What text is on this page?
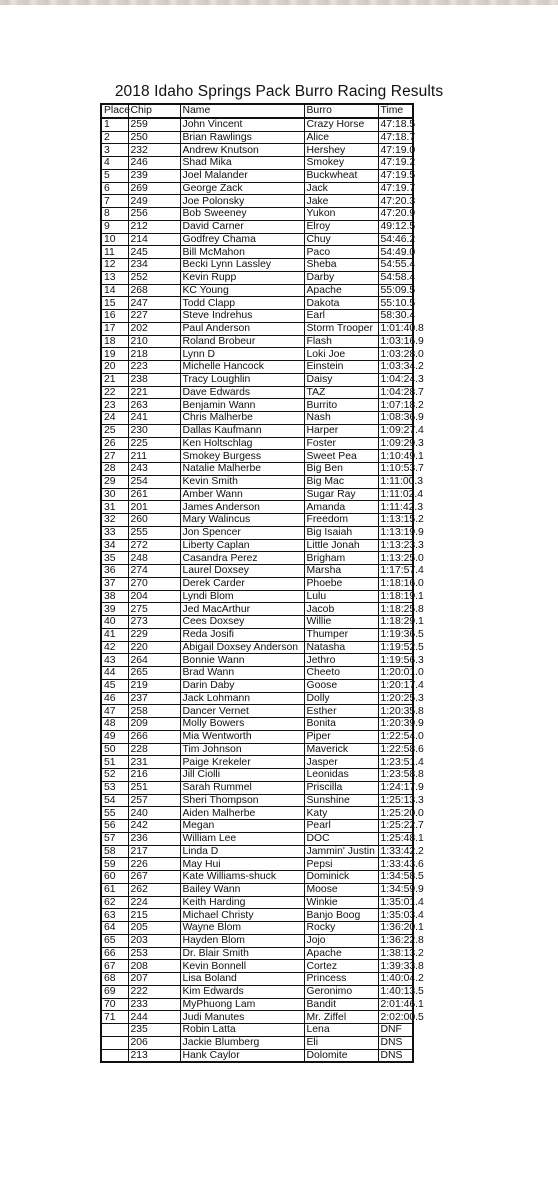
2018 Idaho Springs Pack Burro Racing Results
Place	Chip	Name	Burro	Time
1	259	John Vincent	Crazy Horse	47:18.5
2	250	Brian Rawlings	Alice	47:18.7
3	232	Andrew Knutson	Hershey	47:19.0
4	246	Shad Mika	Smokey	47:19.2
5	239	Joel Malander	Buckwheat	47:19.5
6	269	George Zack	Jack	47:19.7
7	249	Joe Polonsky	Jake	47:20.3
8	256	Bob Sweeney	Yukon	47:20.9
9	212	David Carner	Elroy	49:12.5
10	214	Godfrey Chama	Chuy	54:46.2
11	245	Bill McMahon	Paco	54:49.0
12	234	Becki Lynn Lassley	Sheba	54:55.4
13	252	Kevin Rupp	Darby	54:58.4
14	268	KC Young	Apache	55:09.5
15	247	Todd Clapp	Dakota	55:10.5
16	227	Steve Indrehus	Earl	58:30.4
17	202	Paul Anderson	Storm Trooper	1:01:40.8
18	210	Roland Brobeur	Flash	1:03:16.9
19	218	Lynn D	Loki Joe	1:03:28.0
20	223	Michelle Hancock	Einstein	1:03:34.2
21	238	Tracy Loughlin	Daisy	1:04:24.3
22	221	Dave Edwards	TAZ	1:04:28.7
23	263	Benjamin Wann	Burrito	1:07:18.2
24	241	Chris Malherbe	Nash	1:08:36.9
25	230	Dallas Kaufmann	Harper	1:09:27.4
26	225	Ken Holtschlag	Foster	1:09:29.3
27	211	Smokey Burgess	Sweet Pea	1:10:49.1
28	243	Natalie Malherbe	Big Ben	1:10:53.7
29	254	Kevin Smith	Big Mac	1:11:00.3
30	261	Amber Wann	Sugar Ray	1:11:02.4
31	201	James Anderson	Amanda	1:11:42.3
32	260	Mary Walincus	Freedom	1:13:15.2
33	255	Jon Spencer	Big Isaiah	1:13:19.9
34	272	Liberty Caplan	Little Jonah	1:13:23.3
35	248	Casandra Perez	Brigham	1:13:25.0
36	274	Laurel Doxsey	Marsha	1:17:57.4
37	270	Derek Carder	Phoebe	1:18:16.0
38	204	Lyndi Blom	Lulu	1:18:19.1
39	275	Jed MacArthur	Jacob	1:18:25.8
40	273	Cees Doxsey	Willie	1:18:29.1
41	229	Reda Josifi	Thumper	1:19:36.5
42	220	Abigail Doxsey Anderson	Natasha	1:19:52.5
43	264	Bonnie Wann	Jethro	1:19:56.3
44	265	Brad Wann	Cheeto	1:20:01.0
45	219	Darin Daby	Goose	1:20:17.4
46	237	Jack Lohmann	Dolly	1:20:25.3
47	258	Dancer Vernet	Esther	1:20:35.8
48	209	Molly Bowers	Bonita	1:20:39.9
49	266	Mia Wentworth	Piper	1:22:54.0
50	228	Tim Johnson	Maverick	1:22:58.6
51	231	Paige Krekeler	Jasper	1:23:51.4
52	216	Jill Ciolli	Leonidas	1:23:58.8
53	251	Sarah Rummel	Priscilla	1:24:17.9
54	257	Sheri Thompson	Sunshine	1:25:13.3
55	240	Aiden Malherbe	Katy	1:25:20.0
56	242	Megan	Pearl	1:25:22.7
57	236	William Lee	DOC	1:25:48.1
58	217	Linda D	Jammin' Justin	1:33:42.2
59	226	May Hui	Pepsi	1:33:43.6
60	267	Kate Williams-shuck	Dominick	1:34:58.5
61	262	Bailey Wann	Moose	1:34:59.9
62	224	Keith Harding	Winkie	1:35:01.4
63	215	Michael Christy	Banjo Boog	1:35:03.4
64	205	Wayne Blom	Rocky	1:36:20.1
65	203	Hayden Blom	Jojo	1:36:22.8
66	253	Dr. Blair Smith	Apache	1:38:13.2
67	208	Kevin Bonnell	Cortez	1:39:33.8
68	207	Lisa Boland	Princess	1:40:04.2
69	222	Kim Edwards	Geronimo	1:40:13.5
70	233	MyPhuong Lam	Bandit	2:01:46.1
71	244	Judi Manutes	Mr. Ziffel	2:02:00.5
	235	Robin Latta	Lena	DNF
	206	Jackie Blumberg	Eli	DNS
	213	Hank Caylor	Dolomite	DNS
